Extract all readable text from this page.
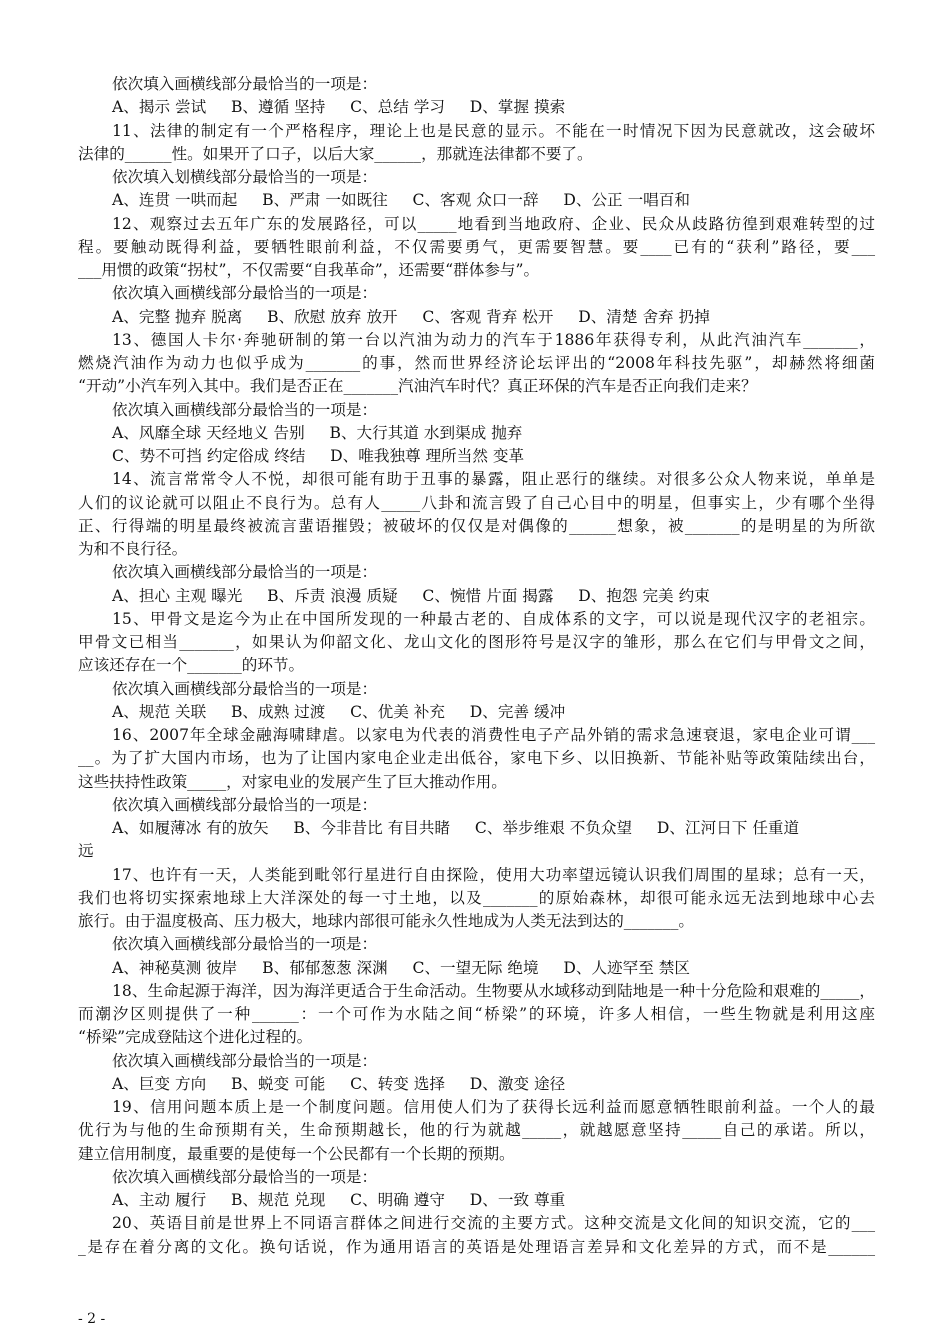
依次填入画横线部分最恰当的一项是：
A、揭示 尝试     B、遵循 坚持     C、总结 学习     D、掌握 摸索
11、法律的制定有一个严格程序，理论上也是民意的显示。不能在一时情况下因为民意就改，这会破坏
法律的______性。如果开了口子，以后大家______，那就连法律都不要了。
依次填入划横线部分最恰当的一项是：
A、连贯 一哄而起     B、严肃 一如既往     C、客观 众口一辞     D、公正 一唱百和
12、观察过去五年广东的发展路径，可以_____地看到当地政府、企业、民众从歧路彷徨到艰难转型的过
程。要触动既得利益，要牺牲眼前利益，不仅需要勇气，更需要智慧。要____已有的“获利”路径，要___
___用惯的政策“拐杖”，不仅需要“自我革命”，还需要“群体参与”。
依次填入画横线部分最恰当的一项是：
A、完整 抛弃 脱离     B、欣慰 放弃 放开     C、客观 背弃 松开     D、清楚 舍弃 扔掉
13、德国人卡尔·奔驰研制的第一台以汽油为动力的汽车于1886年获得专利，从此汽油汽车_______，
燃烧汽油作为动力也似乎成为_______的事，然而世界经济论坛评出的“2008年科技先驱”，却赫然将细菌
“开动”小汽车列入其中。我们是否正在_______汽油汽车时代？真正环保的汽车是否正向我们走来？
依次填入画横线部分最恰当的一项是：
A、风靡全球 天经地义 告别     B、大行其道 水到渠成 抛弃
C、势不可挡 约定俗成 终结     D、唯我独尊 理所当然 变革
14、流言常常令人不悦，却很可能有助于丑事的暴露，阻止恶行的继续。对很多公众人物来说，单单是
人们的议论就可以阻止不良行为。总有人_____八卦和流言毁了自己心目中的明星，但事实上，少有哪个坐得
正、行得端的明星最终被流言蜚语摧毁；被破坏的仅仅是对偶像的______想象，被_______的是明星的为所欲
为和不良行径。
依次填入画横线部分最恰当的一项是：
A、担心 主观 曝光     B、斥责 浪漫 质疑     C、惋惜 片面 揭露     D、抱怨 完美 约束
15、甲骨文是迄今为止在中国所发现的一种最古老的、自成体系的文字，可以说是现代汉字的老祖宗。
甲骨文已相当_______，如果认为仰韶文化、龙山文化的图形符号是汉字的雏形，那么在它们与甲骨文之间，
应该还存在一个_______的环节。
依次填入画横线部分最恰当的一项是：
A、规范 关联     B、成熟 过渡     C、优美 补充     D、完善 缓冲
16、2007年全球金融海啸肆虐。以家电为代表的消费性电子产品外销的需求急速衰退，家电企业可谓___
__。为了扩大国内市场，也为了让国内家电企业走出低谷，家电下乡、以旧换新、节能补贴等政策陆续出台，
这些扶持性政策_____，对家电业的发展产生了巨大推动作用。
依次填入画横线部分最恰当的一项是：
A、如履薄冰 有的放矢     B、今非昔比 有目共睹     C、举步维艰 不负众望     D、江河日下 任重道
远
17、也许有一天，人类能到毗邻行星进行自由探险，使用大功率望远镜认识我们周围的星球；总有一天，
我们也将切实探索地球上大洋深处的每一寸土地，以及_______的原始森林，却很可能永远无法到地球中心去
旅行。由于温度极高、压力极大，地球内部很可能永久性地成为人类无法到达的_______。
依次填入画横线部分最恰当的一项是：
A、神秘莫测 彼岸     B、郁郁葱葱 深渊     C、一望无际 绝境     D、人迹罕至 禁区
18、生命起源于海洋，因为海洋更适合于生命活动。生物要从水域移动到陆地是一种十分危险和艰难的_____，
而潮汐区则提供了一种______：一个可作为水陆之间“桥梁”的环境，许多人相信，一些生物就是利用这座
“桥梁”完成登陆这个进化过程的。
依次填入画横线部分最恰当的一项是：
A、巨变 方向     B、蜕变 可能     C、转变 选择     D、激变 途径
19、信用问题本质上是一个制度问题。信用使人们为了获得长远利益而愿意牺牲眼前利益。一个人的最
优行为与他的生命预期有关，生命预期越长，他的行为就越_____，就越愿意坚持_____自己的承诺。所以，
建立信用制度，最重要的是使每一个公民都有一个长期的预期。
依次填入画横线部分最恰当的一项是：
A、主动 履行     B、规范 兑现     C、明确 遵守     D、一致 尊重
20、英语目前是世界上不同语言群体之间进行交流的主要方式。这种交流是文化间的知识交流，它的___
_是存在着分离的文化。换句话说，作为通用语言的英语是处理语言差异和文化差异的方式，而不是______
- 2 -
